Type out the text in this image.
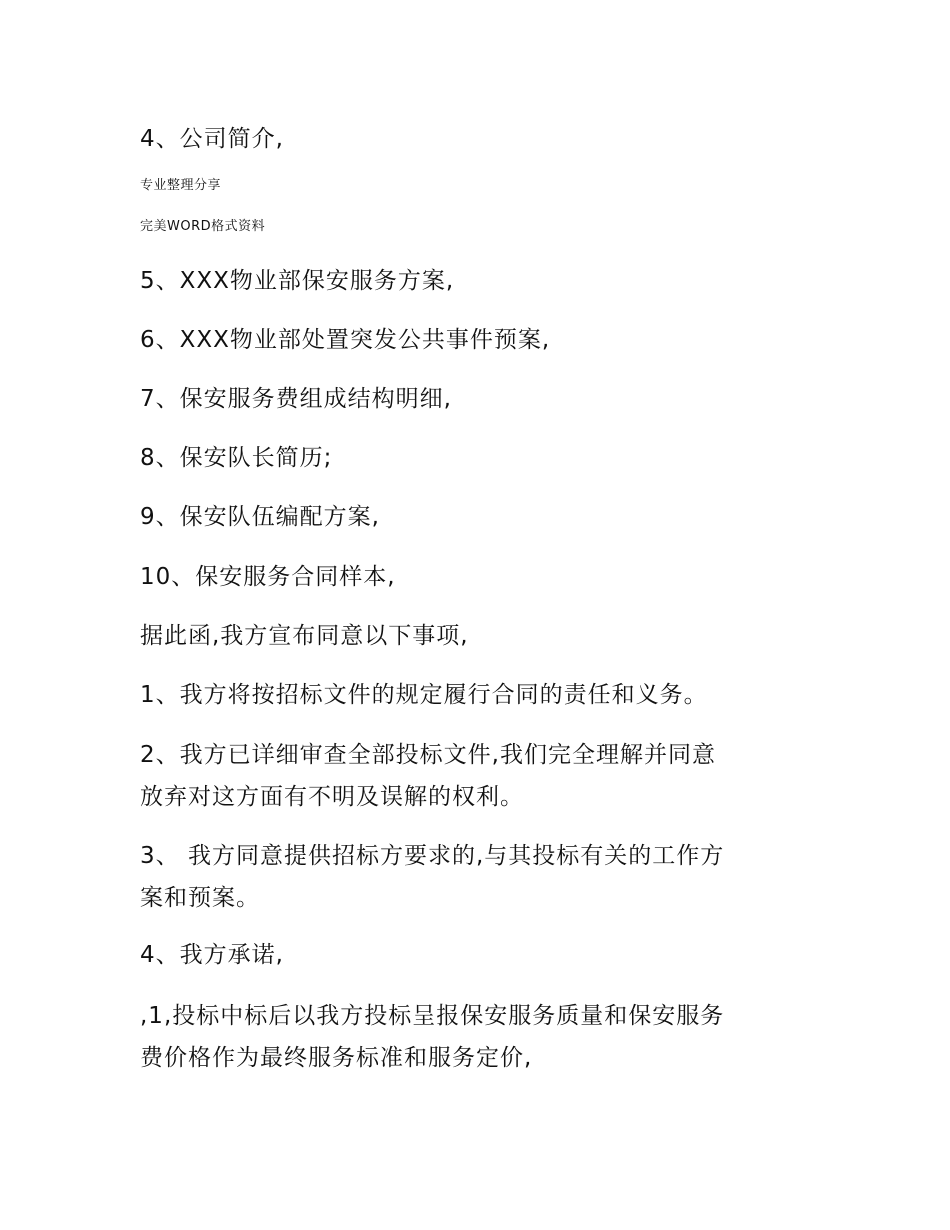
4、公司简介,
专业整理分享
完美WORD格式资料
5、XXX物业部保安服务方案,
6、XXX物业部处置突发公共事件预案,
7、保安服务费组成结构明细,
8、保安队长简历;
9、保安队伍编配方案,
10、保安服务合同样本,
据此函,我方宣布同意以下事项,
1、我方将按招标文件的规定履行合同的责任和义务。
2、我方已详细审查全部投标文件,我们完全理解并同意
放弃对这方面有不明及误解的权利。
3、 我方同意提供招标方要求的,与其投标有关的工作方
案和预案。
4、我方承诺,
,1,投标中标后以我方投标呈报保安服务质量和保安服务
费价格作为最终服务标准和服务定价,
